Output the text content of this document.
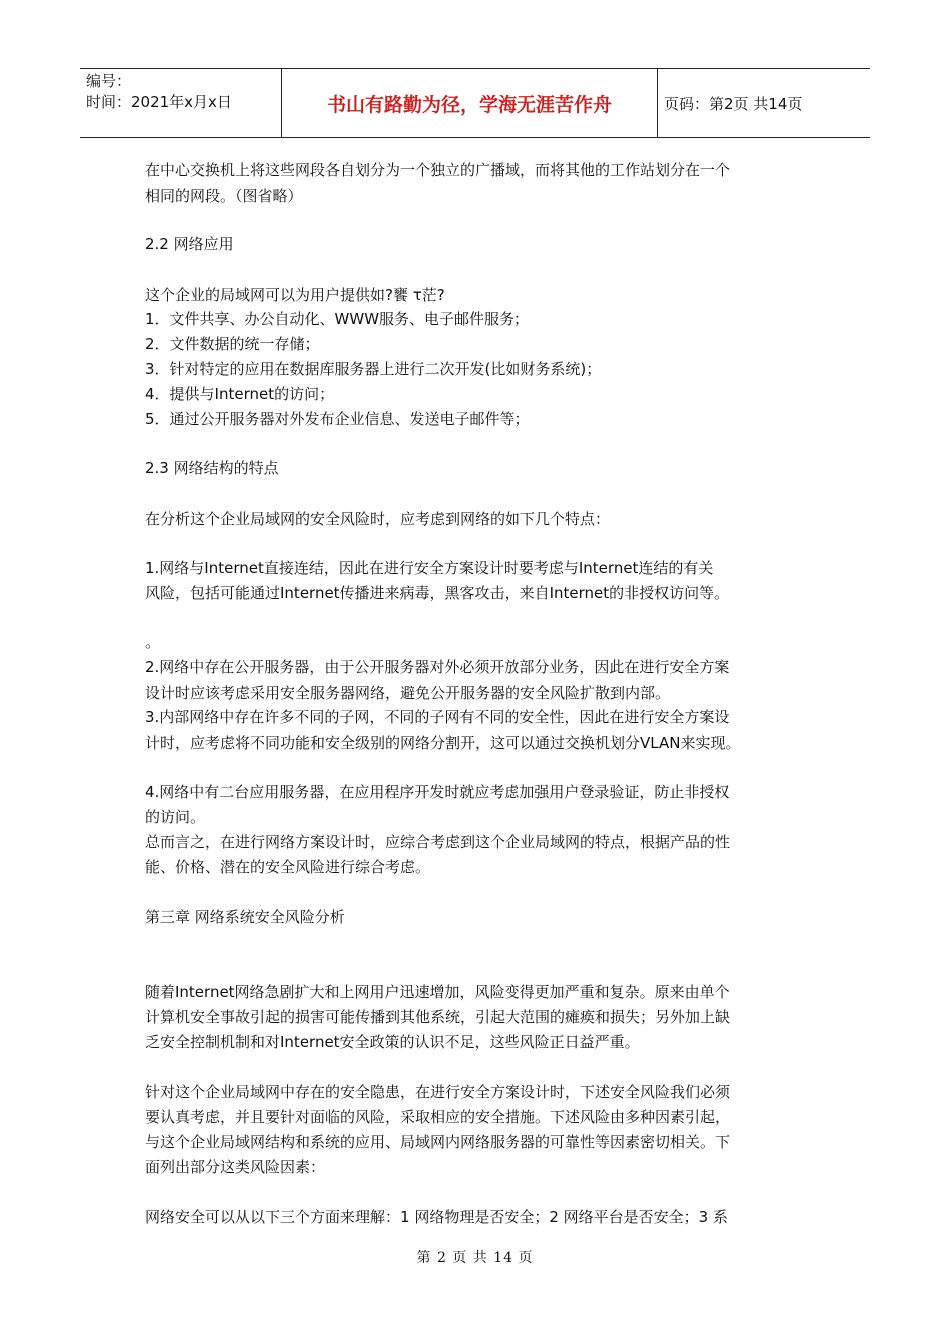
编号：
时间：2021年x月x日	书山有路勤为径，学海无涯苦作舟	页码：第2页 共14页
在中心交换机上将这些网段各自划分为一个独立的广播域，而将其他的工作站划分在一个
相同的网段。（图省略）
2.2 网络应用
这个企业的局域网可以为用户提供如?饔 τ茫?
1．文件共享、办公自动化、WWW服务、电子邮件服务；
2．文件数据的统一存储；
3．针对特定的应用在数据库服务器上进行二次开发(比如财务系统)；
4．提供与Internet的访问；
5．通过公开服务器对外发布企业信息、发送电子邮件等；
2.3 网络结构的特点
在分析这个企业局域网的安全风险时，应考虑到网络的如下几个特点：
1.网络与Internet直接连结，因此在进行安全方案设计时要考虑与Internet连结的有关
风险，包括可能通过Internet传播进来病毒，黑客攻击，来自Internet的非授权访问等。
。
2.网络中存在公开服务器，由于公开服务器对外必须开放部分业务，因此在进行安全方案
设计时应该考虑采用安全服务器网络，避免公开服务器的安全风险扩散到内部。
3.内部网络中存在许多不同的子网，不同的子网有不同的安全性，因此在进行安全方案设
计时，应考虑将不同功能和安全级别的网络分割开，这可以通过交换机划分VLAN来实现。
4.网络中有二台应用服务器，在应用程序开发时就应考虑加强用户登录验证，防止非授权
的访问。
总而言之，在进行网络方案设计时，应综合考虑到这个企业局域网的特点，根据产品的性
能、价格、潜在的安全风险进行综合考虑。
第三章 网络系统安全风险分析
随着Internet网络急剧扩大和上网用户迅速增加，风险变得更加严重和复杂。原来由单个
计算机安全事故引起的损害可能传播到其他系统，引起大范围的瘫痪和损失；另外加上缺
乏安全控制机制和对Internet安全政策的认识不足，这些风险正日益严重。
针对这个企业局域网中存在的安全隐患，在进行安全方案设计时，下述安全风险我们必须
要认真考虑，并且要针对面临的风险，采取相应的安全措施。下述风险由多种因素引起，
与这个企业局域网结构和系统的应用、局域网内网络服务器的可靠性等因素密切相关。下
面列出部分这类风险因素：
网络安全可以从以下三个方面来理解：1 网络物理是否安全；2 网络平台是否安全；3 系
第 2 页 共 14 页
